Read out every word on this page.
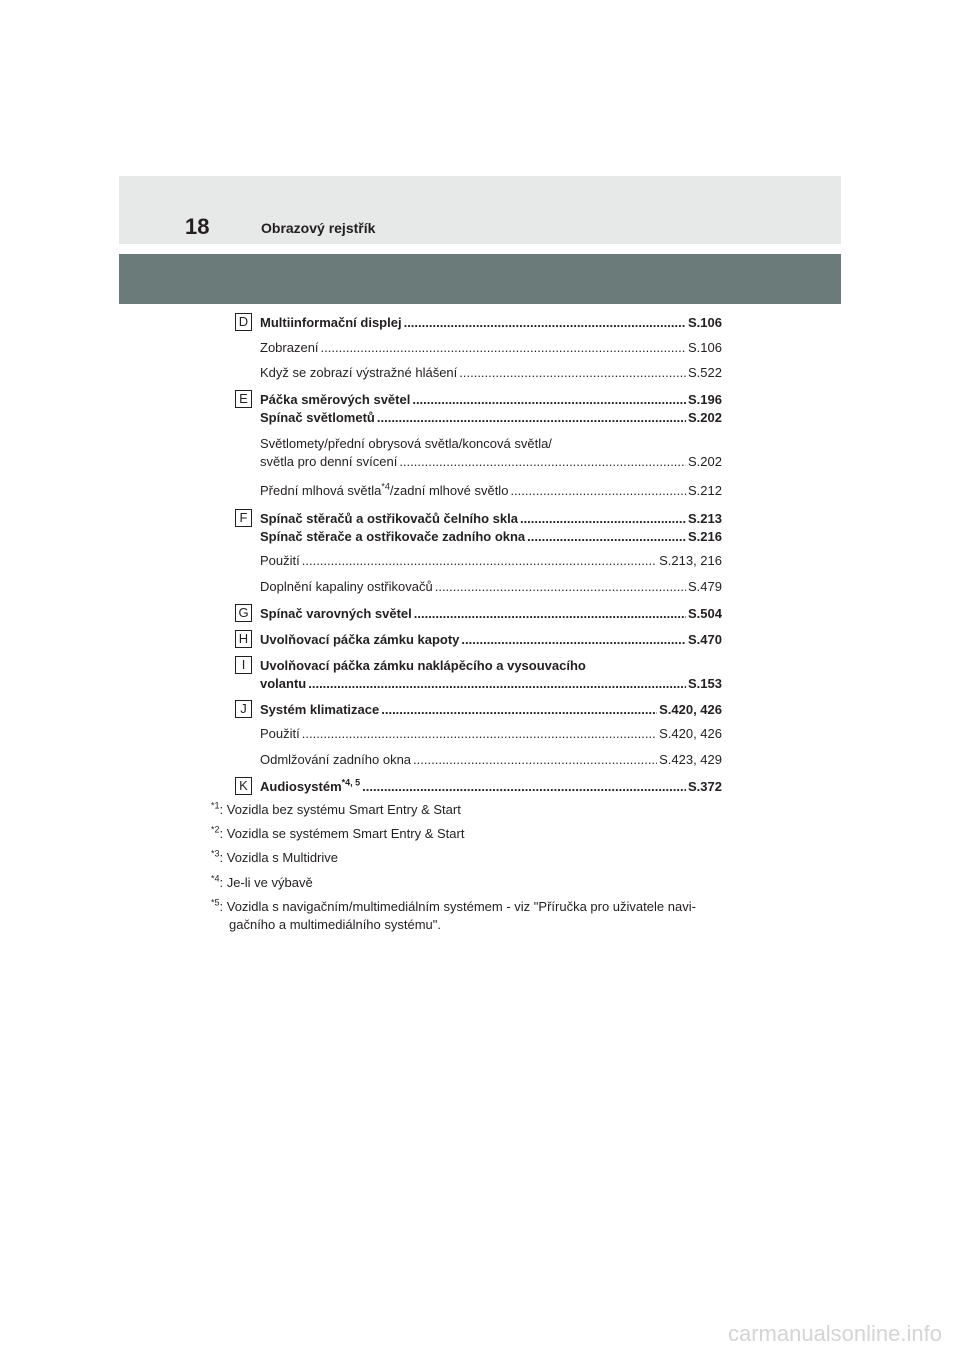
18	Obrazový rejstřík
D Multiinformační displej .....	S.106
Zobrazení .....	S.106
Když se zobrazí výstražné hlášení .....	S.522
E Páčka směrových světel .....	S.196
Spínač světlometů .....	S.202
Světlomety/přední obrysová světla/koncová světla/
světla pro denní svícení .....	S.202
Přední mlhová světla$^{*4}$/zadní mlhové světlo .....	S.212
F Spínač stěračů a ostřikovačů čelního skla .....	S.213
Spínač stěrače a ostřikovače zadního okna .....	S.216
Použití .....	S.213, 216
Doplnění kapaliny ostřikovačů .....	S.479
G Spínač varovných světel .....	S.504
H Uvolňovací páčka zámku kapoty .....	S.470
I	Uvolňovací páčka zámku naklápěcího a vysouvacího
volantu .....	S.153
J	Systém klimatizace .....	S.420, 426
Použití .....	S.420, 426
Odmlžování zadního okna .....	S.423, 429
K Audiosystém$^{*4, 5}$ .....	S.372
$^{*1}$: Vozidla bez systému Smart Entry & Start
$^{*2}$: Vozidla se systémem Smart Entry & Start
$^{*3}$: Vozidla s Multidrive
$^{*4}$: Je-li ve výbavě
$^{*5}$: Vozidla s navigačním/multimediálním systémem - viz "Příručka pro uživatele navi-
gačního a multimediálního systému".
carmanualsonline.info
